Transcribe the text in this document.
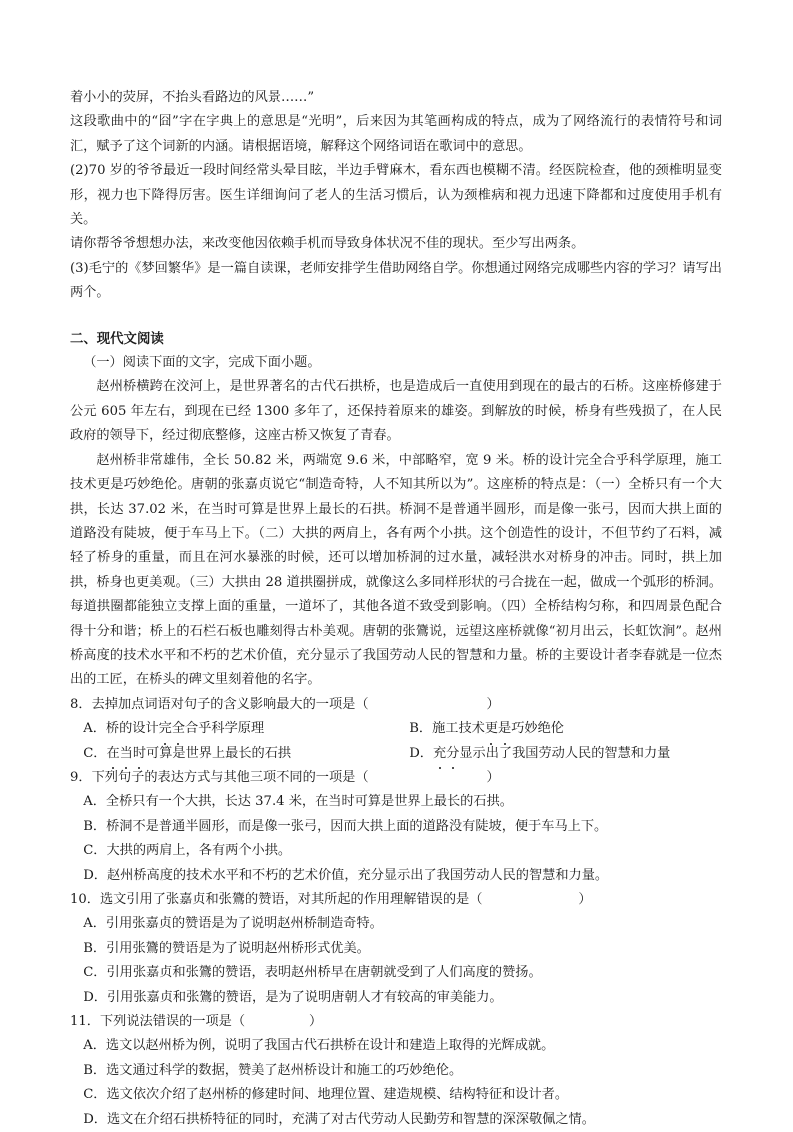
着小小的荧屏，不抬头看路边的风景……”

这段歌曲中的“囧”字在字典上的意思是“光明”，后来因为其笔画构成的特点，成为了网络流行的表情符号和词汇，赋予了这个词新的内涵。请根据语境，解释这个网络词语在歌词中的意思。

(2)70 岁的爷爷最近一段时间经常头晕目眩，半边手臂麻木，看东西也模糊不清。经医院检查，他的颈椎明显变形，视力也下降得厉害。医生详细询问了老人的生活习惯后，认为颈椎病和视力迅速下降都和过度使用手机有关。

请你帮爷爷想想办法，来改变他因依赖手机而导致身体状况不佳的现状。至少写出两条。

(3)毛宁的《梦回繁华》是一篇自读课，老师安排学生借助网络自学。你想通过网络完成哪些内容的学习？请写出两个。

二、现代文阅读

（一）阅读下面的文字，完成下面小题。

赵州桥横跨在洨河上，是世界著名的古代石拱桥，也是造成后一直使用到现在的最古的石桥。这座桥修建于公元 605 年左右，到现在已经 1300 多年了，还保持着原来的雄姿。到解放的时候，桥身有些残损了，在人民政府的领导下，经过彻底整修，这座古桥又恢复了青春。

赵州桥非常雄伟，全长 50.82 米，两端宽 9.6 米，中部略窄，宽 9 米。桥的设计完全合乎科学原理，施工技术更是巧妙绝伦。唐朝的张嘉贞说它“制造奇特，人不知其所以为”。这座桥的特点是：（一）全桥只有一个大拱，长达 37.02 米，在当时可算是世界上最长的石拱。桥洞不是普通半圆形，而是像一张弓，因而大拱上面的道路没有陡坡，便于车马上下。（二）大拱的两肩上，各有两个小拱。这个创造性的设计，不但节约了石料，减轻了桥身的重量，而且在河水暴涨的时候，还可以增加桥洞的过水量，减轻洪水对桥身的冲击。同时，拱上加拱，桥身也更美观。（三）大拱由 28 道拱圈拼成，就像这么多同样形状的弓合拢在一起，做成一个弧形的桥洞。每道拱圈都能独立支撑上面的重量，一道坏了，其他各道不致受到影响。（四）全桥结构匀称，和四周景色配合得十分和谐；桥上的石栏石板也雕刻得古朴美观。唐朝的张鷟说，远望这座桥就像“初月出云，长虹饮涧”。赵州桥高度的技术水平和不朽的艺术价值，充分显示了我国劳动人民的智慧和力量。桥的主要设计者李春就是一位杰出的工匠，在桥头的碑文里刻着他的名字。

8．去掉加点词语对句子的含义影响最大的一项是（	）

A．桥的设计完全合乎科学原理	B．施工技术更是巧妙绝伦
C．在当时可算是世界上最长的石拱	D．充分显示出了我国劳动人民的智慧和力量

9．下列句子的表达方式与其他三项不同的一项是（	）

A．全桥只有一个大拱，长达 37.4 米，在当时可算是世界上最长的石拱。

B．桥洞不是普通半圆形，而是像一张弓，因而大拱上面的道路没有陡坡，便于车马上下。

C．大拱的两肩上，各有两个小拱。

D．赵州桥高度的技术水平和不朽的艺术价值，充分显示出了我国劳动人民的智慧和力量。

10．选文引用了张嘉贞和张鷟的赞语，对其所起的作用理解错误的是（	）

A．引用张嘉贞的赞语是为了说明赵州桥制造奇特。

B．引用张鷟的赞语是为了说明赵州桥形式优美。

C．引用张嘉贞和张鷟的赞语，表明赵州桥早在唐朝就受到了人们高度的赞扬。

D．引用张嘉贞和张鷟的赞语，是为了说明唐朝人才有较高的审美能力。

11．下列说法错误的一项是（	）

A．选文以赵州桥为例，说明了我国古代石拱桥在设计和建造上取得的光辉成就。

B．选文通过科学的数据，赞美了赵州桥设计和施工的巧妙绝伦。

C．选文依次介绍了赵州桥的修建时间、地理位置、建造规模、结构特征和设计者。

D．选文在介绍石拱桥特征的同时，充满了对古代劳动人民勤劳和智慧的深深敬佩之情。
